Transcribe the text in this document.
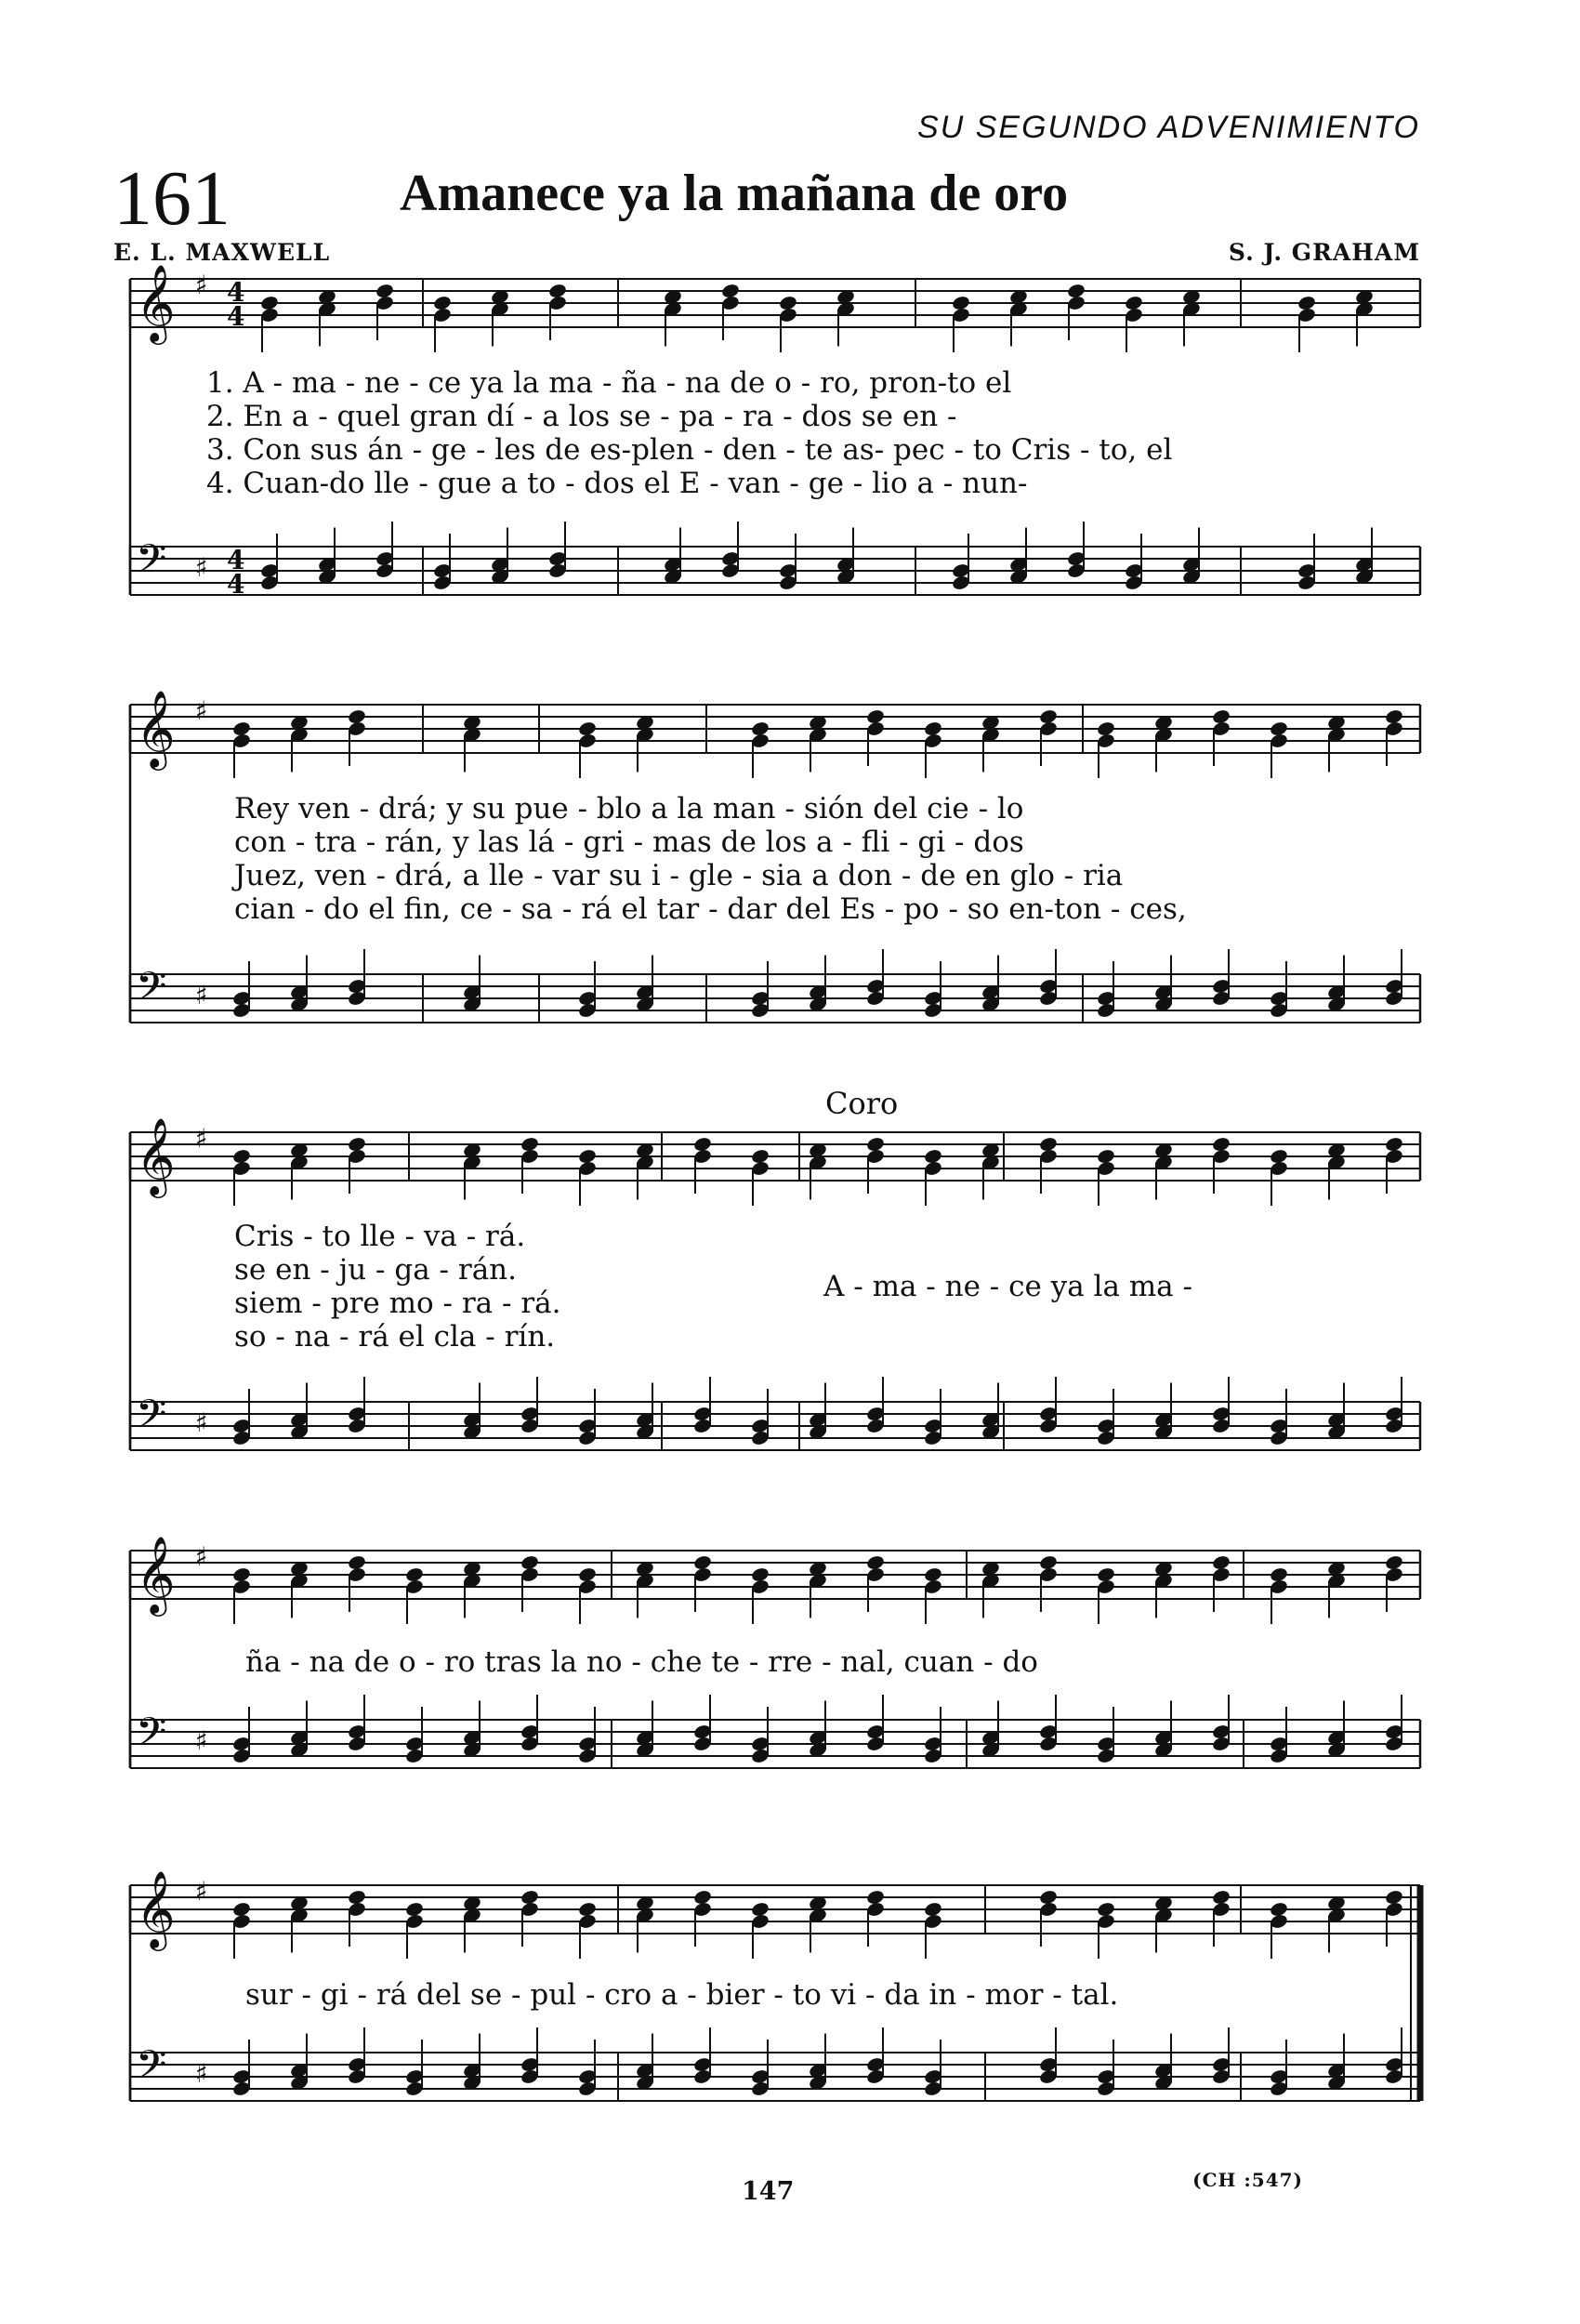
SU SEGUNDO ADVENIMIENTO
161	Amanece ya la mañana de oro
E. L. MAXWELL	S. J. GRAHAM
Coro
1. A - ma - ne - ce ya la ma - ña - na de o - ro, pron-to el
2. En a - quel gran dí - a los se - pa - ra - dos se en -
3. Con sus án - ge - les de es-plen - den - te as- pec - to Cris - to, el
4. Cuan-do lle - gue a to - dos el E - van - ge - lio a - nun-
Rey ven - drá; y su pue - blo a la man - sión del cie - lo
con - tra - rán, y las lá - gri - mas de los a - fli - gi - dos
Juez, ven - drá, a lle - var su i - gle - sia a don - de en glo - ria
cian - do el fin, ce - sa - rá el tar - dar del Es - po - so en-ton - ces,
Cris - to lle - va - rá.
se en - ju - ga - rán.
siem - pre mo - ra - rá.
so - na - rá el cla - rín.
A - ma - ne - ce ya la ma -
ña - na de o - ro tras la no - che te - rre - nal, cuan - do
sur - gi - rá del se - pul - cro a - bier - to vi - da in - mor - tal.
147	(CH :547)
𝄞 ♯ 4
4
𝄢 ♯ 4
4
𝄞 ♯
𝄢 ♯
𝄞 ♯
𝄢 ♯
𝄞 ♯
𝄢 ♯
𝄞 ♯
𝄢 ♯
